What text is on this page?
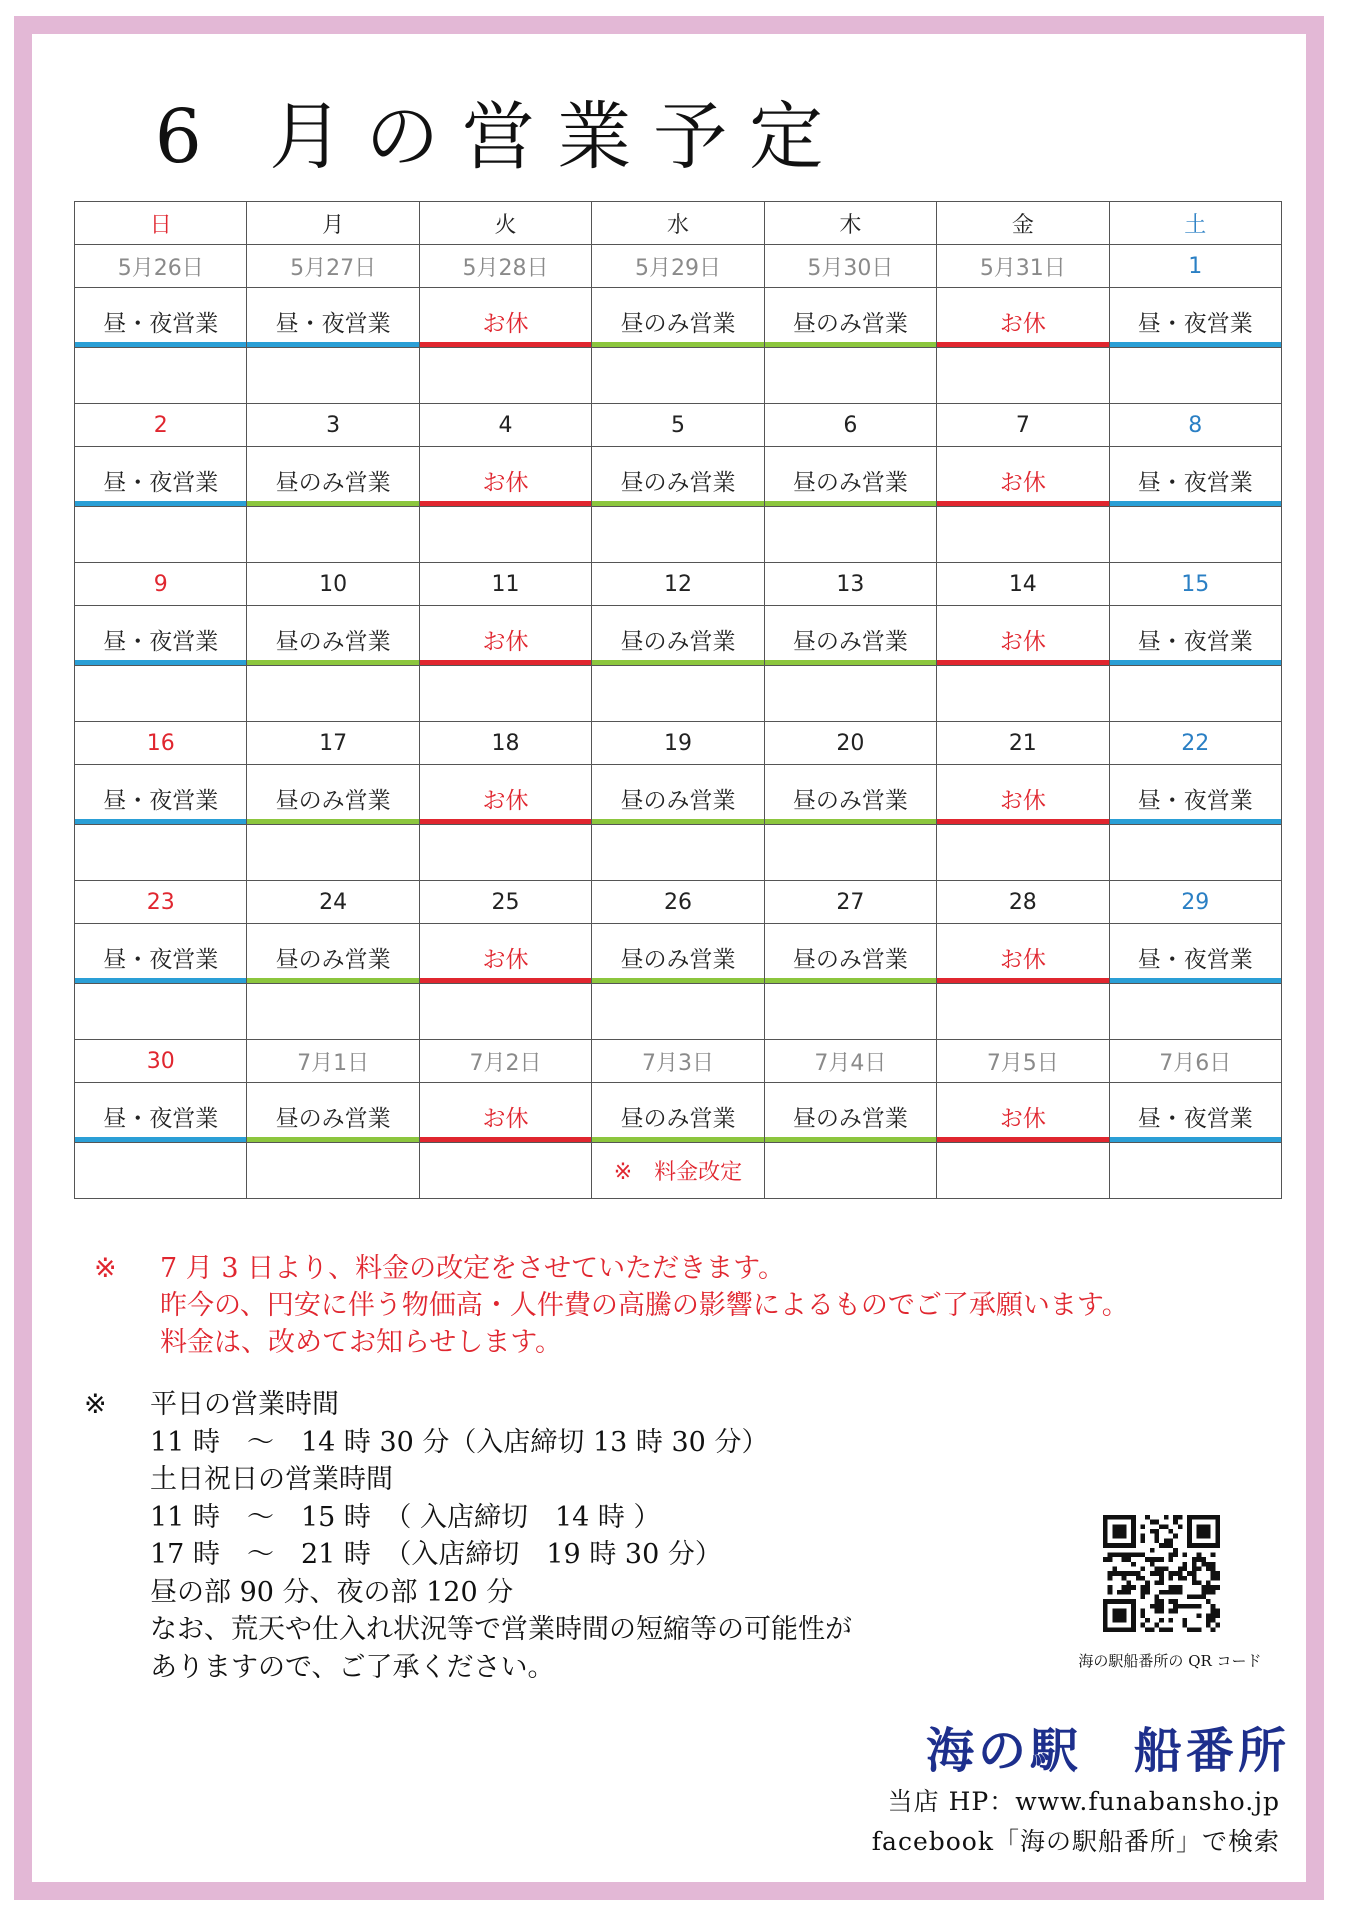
6 月の営業予定
日	月	火	水	木	金	土
5月26日	5月27日	5月28日	5月29日	5月30日	5月31日	1

昼・夜営業	昼・夜営業	お休	昼のみ営業	昼のみ営業	お休	昼・夜営業

2	3	4	5	6	7	8

昼・夜営業	昼のみ営業	お休	昼のみ営業	昼のみ営業	お休	昼・夜営業

9	10	11	12	13	14	15

昼・夜営業	昼のみ営業	お休	昼のみ営業	昼のみ営業	お休	昼・夜営業

16	17	18	19	20	21	22

昼・夜営業	昼のみ営業	お休	昼のみ営業	昼のみ営業	お休	昼・夜営業

23	24	25	26	27	28	29

昼・夜営業	昼のみ営業	お休	昼のみ営業	昼のみ営業	お休	昼・夜営業

30	7月1日	7月2日	7月3日	7月4日	7月5日	7月6日

昼・夜営業	昼のみ営業	お休	昼のみ営業	昼のみ営業	お休	昼・夜営業

			※　料金改定			
※ 7 月 3 日より、料金の改定をさせていただきます。
昨今の、円安に伴う物価高・人件費の高騰の影響によるものでご了承願います。
料金は、改めてお知らせします。
※ 平日の営業時間
11 時　～　14 時 30 分（入店締切 13 時 30 分）
土日祝日の営業時間
11 時　～　15 時　（ 入店締切　14 時 ）
17 時　～　21 時　（入店締切　19 時 30 分）
昼の部 90 分、夜の部 120 分
なお、荒天や仕入れ状況等で営業時間の短縮等の可能性が
ありますので、ご了承ください。	海の駅船番所の QR コード
海の駅　船番所
当店 HP：www.funabansho.jp
facebook「海の駅船番所」で検索
